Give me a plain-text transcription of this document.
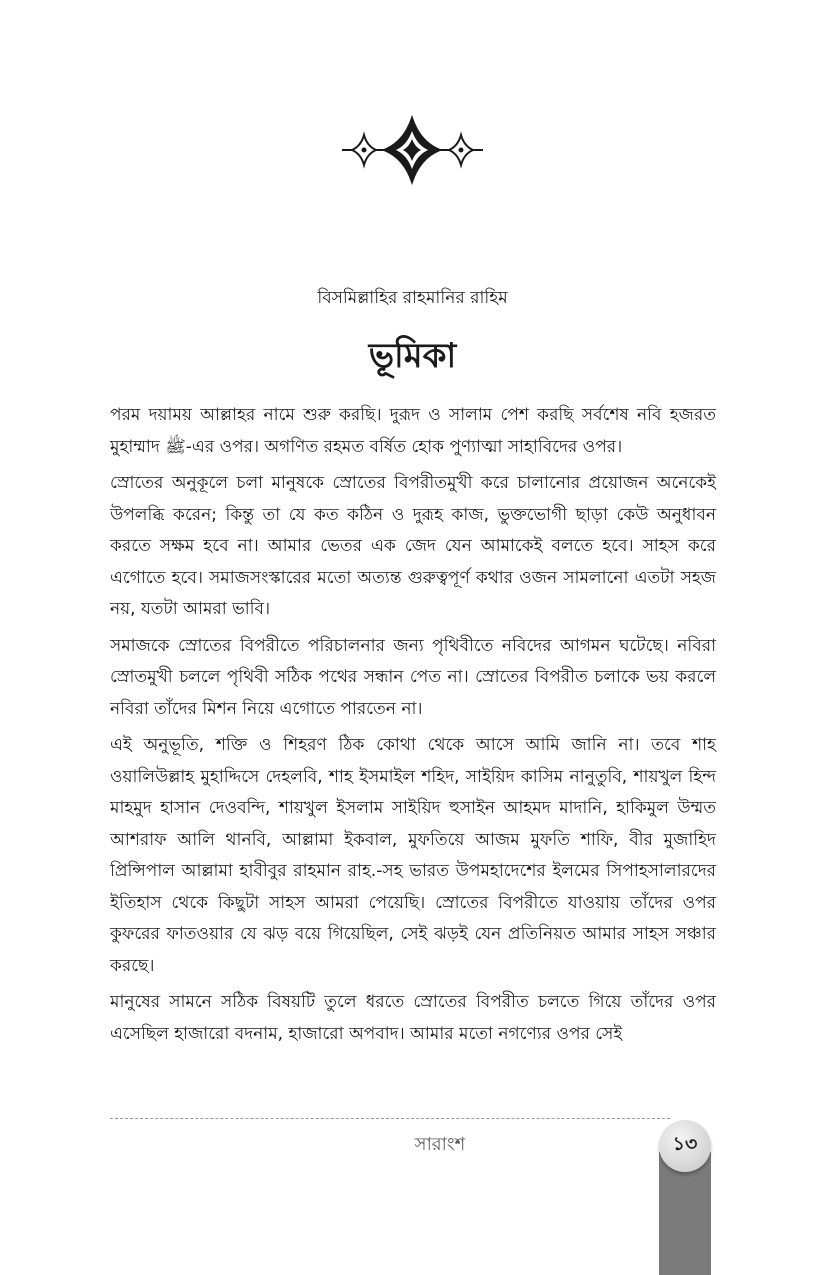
বিসমিল্লাহির রাহমানির রাহিম
ভূমিকা

পরম দয়াময় আল্লাহর নামে শুরু করছি। দুরূদ ও সালাম পেশ করছি সর্বশেষ নবি হজরত মুহাম্মাদ ﷺ-এর ওপর। অগণিত রহমত বর্ষিত হোক পুণ্যাত্মা সাহাবিদের ওপর।

স্রোতের অনুকূলে চলা মানুষকে স্রোতের বিপরীতমুখী করে চালানোর প্রয়োজন অনেকেই উপলব্ধি করেন; কিন্তু তা যে কত কঠিন ও দুরূহ কাজ, ভুক্তভোগী ছাড়া কেউ অনুধাবন করতে সক্ষম হবে না। আমার ভেতর এক জেদ যেন আমাকেই বলতে হবে। সাহস করে এগোতে হবে। সমাজসংস্কারের মতো অত্যন্ত গুরুত্বপূর্ণ কথার ওজন সামলানো এতটা সহজ নয়, যতটা আমরা ভাবি।

সমাজকে স্রোতের বিপরীতে পরিচালনার জন্য পৃথিবীতে নবিদের আগমন ঘটেছে। নবিরা স্রোতমুখী চললে পৃথিবী সঠিক পথের সন্ধান পেত না। স্রোতের বিপরীত চলাকে ভয় করলে নবিরা তাঁদের মিশন নিয়ে এগোতে পারতেন না।

এই অনুভূতি, শক্তি ও শিহরণ ঠিক কোথা থেকে আসে আমি জানি না। তবে শাহ ওয়ালিউল্লাহ মুহাদ্দিসে দেহলবি, শাহ ইসমাইল শহিদ, সাইয়িদ কাসিম নানুতুবি, শায়খুল হিন্দ মাহমুদ হাসান দেওবন্দি, শায়খুল ইসলাম সাইয়িদ হুসাইন আহমদ মাদানি, হাকিমুল উম্মত আশরাফ আলি থানবি, আল্লামা ইকবাল, মুফতিয়ে আজম মুফতি শাফি, বীর মুজাহিদ প্রিন্সিপাল আল্লামা হাবীবুর রাহমান রাহ.-সহ ভারত উপমহাদেশের ইলমের সিপাহসালারদের ইতিহাস থেকে কিছুটা সাহস আমরা পেয়েছি। স্রোতের বিপরীতে যাওয়ায় তাঁদের ওপর কুফরের ফাতওয়ার যে ঝড় বয়ে গিয়েছিল, সেই ঝড়ই যেন প্রতিনিয়ত আমার সাহস সঞ্চার করছে।

মানুষের সামনে সঠিক বিষয়টি তুলে ধরতে স্রোতের বিপরীত চলতে গিয়ে তাঁদের ওপর এসেছিল হাজারো বদনাম, হাজারো অপবাদ। আমার মতো নগণ্যের ওপর সেই

সারাংশ	১৩
